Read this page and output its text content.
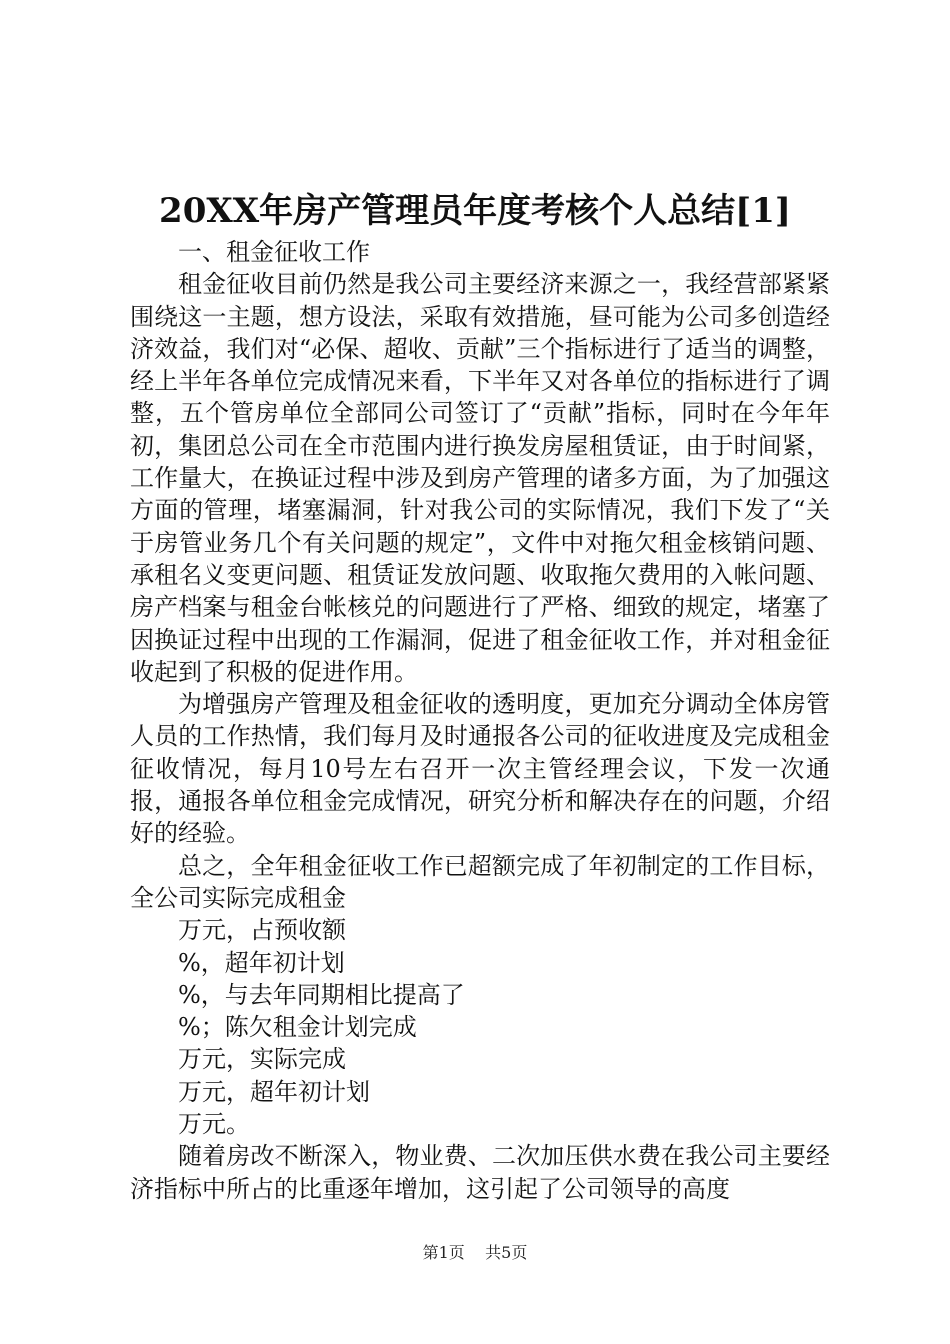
20XX年房产管理员年度考核个人总结[1]

一、租金征收工作

租金征收目前仍然是我公司主要经济来源之一，我经营部紧紧围绕这一主题，想方设法，采取有效措施，昼可能为公司多创造经济效益，我们对“必保、超收、贡献”三个指标进行了适当的调整，经上半年各单位完成情况来看，下半年又对各单位的指标进行了调整，五个管房单位全部同公司签订了“贡献”指标，同时在今年年初，集团总公司在全市范围内进行换发房屋租赁证，由于时间紧，工作量大，在换证过程中涉及到房产管理的诸多方面，为了加强这方面的管理，堵塞漏洞，针对我公司的实际情况，我们下发了“关于房管业务几个有关问题的规定”，文件中对拖欠租金核销问题、承租名义变更问题、租赁证发放问题、收取拖欠费用的入帐问题、房产档案与租金台帐核兑的问题进行了严格、细致的规定，堵塞了因换证过程中出现的工作漏洞，促进了租金征收工作，并对租金征收起到了积极的促进作用。

为增强房产管理及租金征收的透明度，更加充分调动全体房管人员的工作热情，我们每月及时通报各公司的征收进度及完成租金征收情况，每月10号左右召开一次主管经理会议，下发一次通报，通报各单位租金完成情况，研究分析和解决存在的问题，介绍好的经验。

总之，全年租金征收工作已超额完成了年初制定的工作目标，全公司实际完成租金

万元，占预收额

%，超年初计划

%，与去年同期相比提高了

%；陈欠租金计划完成

万元，实际完成

万元，超年初计划

万元。

随着房改不断深入，物业费、二次加压供水费在我公司主要经济指标中所占的比重逐年增加，这引起了公司领导的高度

第1页 共5页
